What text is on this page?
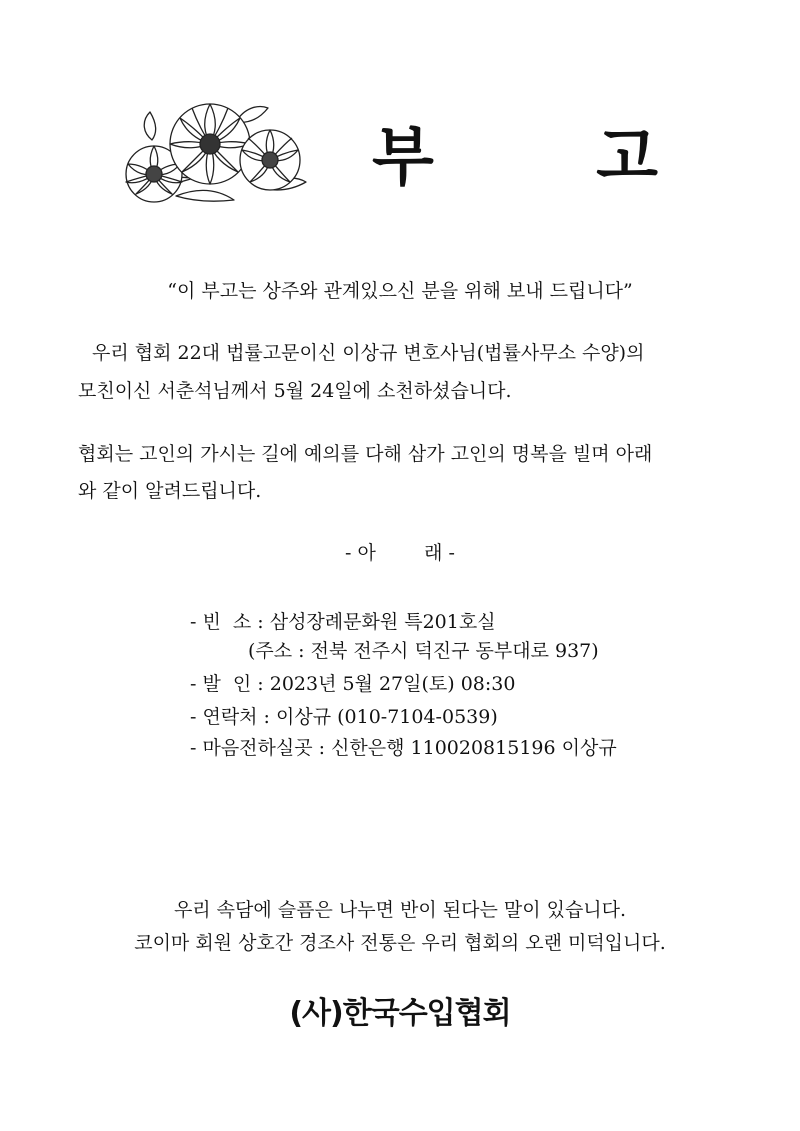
부 고
“이 부고는 상주와 관계있으신 분을 위해 보내 드립니다”
우리 협회 22대 법률고문이신 이상규 변호사님(법률사무소 수양)의
모친이신 서춘석님께서 5월 24일에 소천하셨습니다.
협회는 고인의 가시는 길에 예의를 다해 삼가 고인의 명복을 빌며 아래
와 같이 알려드립니다.
- 아        래 -
- 빈  소 : 삼성장례문화원 특201호실
(주소 : 전북 전주시 덕진구 동부대로 937)
- 발  인 : 2023년 5월 27일(토) 08:30
- 연락처 : 이상규 (010-7104-0539)
- 마음전하실곳 : 신한은행 110020815196 이상규
우리 속담에 슬픔은 나누면 반이 된다는 말이 있습니다.
코이마 회원 상호간 경조사 전통은 우리 협회의 오랜 미덕입니다.
(사)한국수입협회
